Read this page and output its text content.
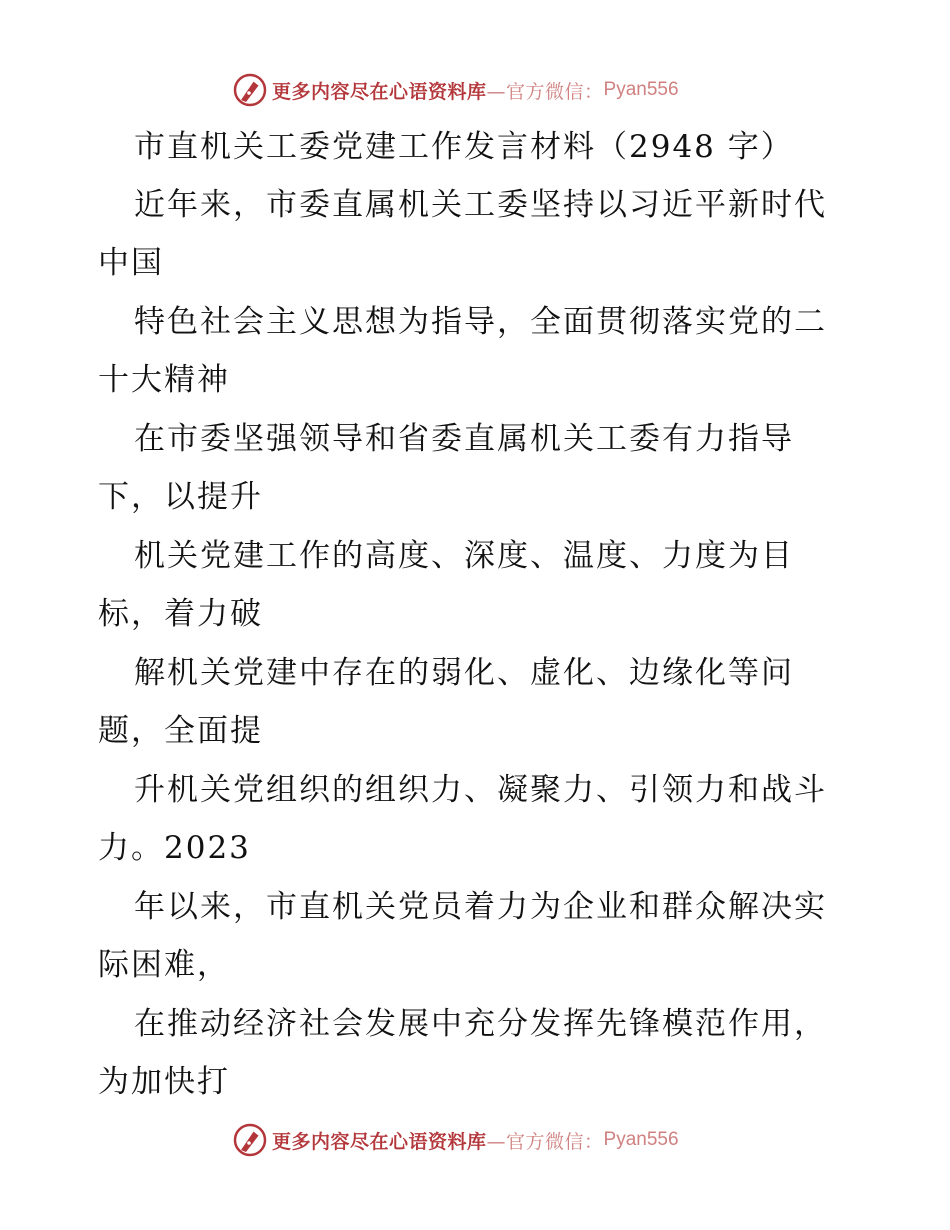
更多内容尽在心语资料库 —官方微信： Pyan556
市直机关工委党建工作发言材料（2948 字）
近年来，市委直属机关工委坚持以习近平新时代
中国
特色社会主义思想为指导，全面贯彻落实党的二
十大精神
在市委坚强领导和省委直属机关工委有力指导
下，以提升
机关党建工作的高度、深度、温度、力度为目
标，着力破
解机关党建中存在的弱化、虚化、边缘化等问
题，全面提
升机关党组织的组织力、凝聚力、引领力和战斗
力。2023
年以来，市直机关党员着力为企业和群众解决实
际困难，
在推动经济社会发展中充分发挥先锋模范作用，
为加快打
更多内容尽在心语资料库 —官方微信： Pyan556
